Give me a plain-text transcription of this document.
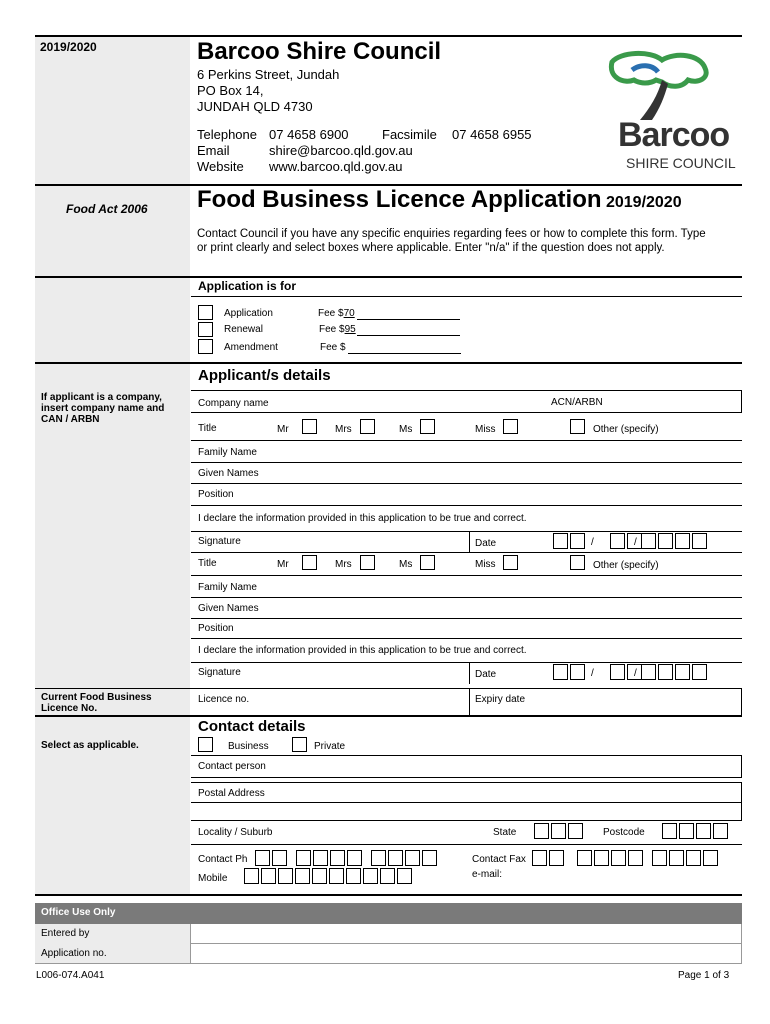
2019/2020	Barcoo Shire Council
6 Perkins Street, Jundah
PO Box 14,
JUNDAH QLD 4730
Telephone 07 4658 6900	Facsimile	07 4658 6955
Email	shire@barcoo.qld.gov.au
Website	www.barcoo.qld.gov.au
Barcoo
SHIRE COUNCIL
Food Act 2006 Food Business Licence Application 2019/2020
Contact Council if you have any specific enquiries regarding fees or how to complete this form. Type or print clearly and select boxes where applicable. Enter "n/a" if the question does not apply.
Application is for
Application	Fee $70
Renewal	Fee $95
Amendment	Fee $
Applicant/s details
If applicant is a company, insert company name and CAN / ARBN
Company name	ACN/ARBN
Title	Mr	Mrs	Ms	Miss	Other (specify)
Family Name
Given Names
Position
I declare the information provided in this application to be true and correct.
Signature	Date	/	/
Title	Mr	Mrs	Ms	Miss	Other (specify)
Family Name
Given Names
Position
I declare the information provided in this application to be true and correct.
Signature	Date	/	/
Current Food Business Licence No.
Licence no.	Expiry date
Contact details
Select as applicable.	Business	Private
Contact person
Postal Address
Locality / Suburb	State	Postcode
Contact Ph	Contact Fax
Mobile	e-mail:
Office Use Only
Entered by
Application no.
L006-074.A041	Page 1 of 3
